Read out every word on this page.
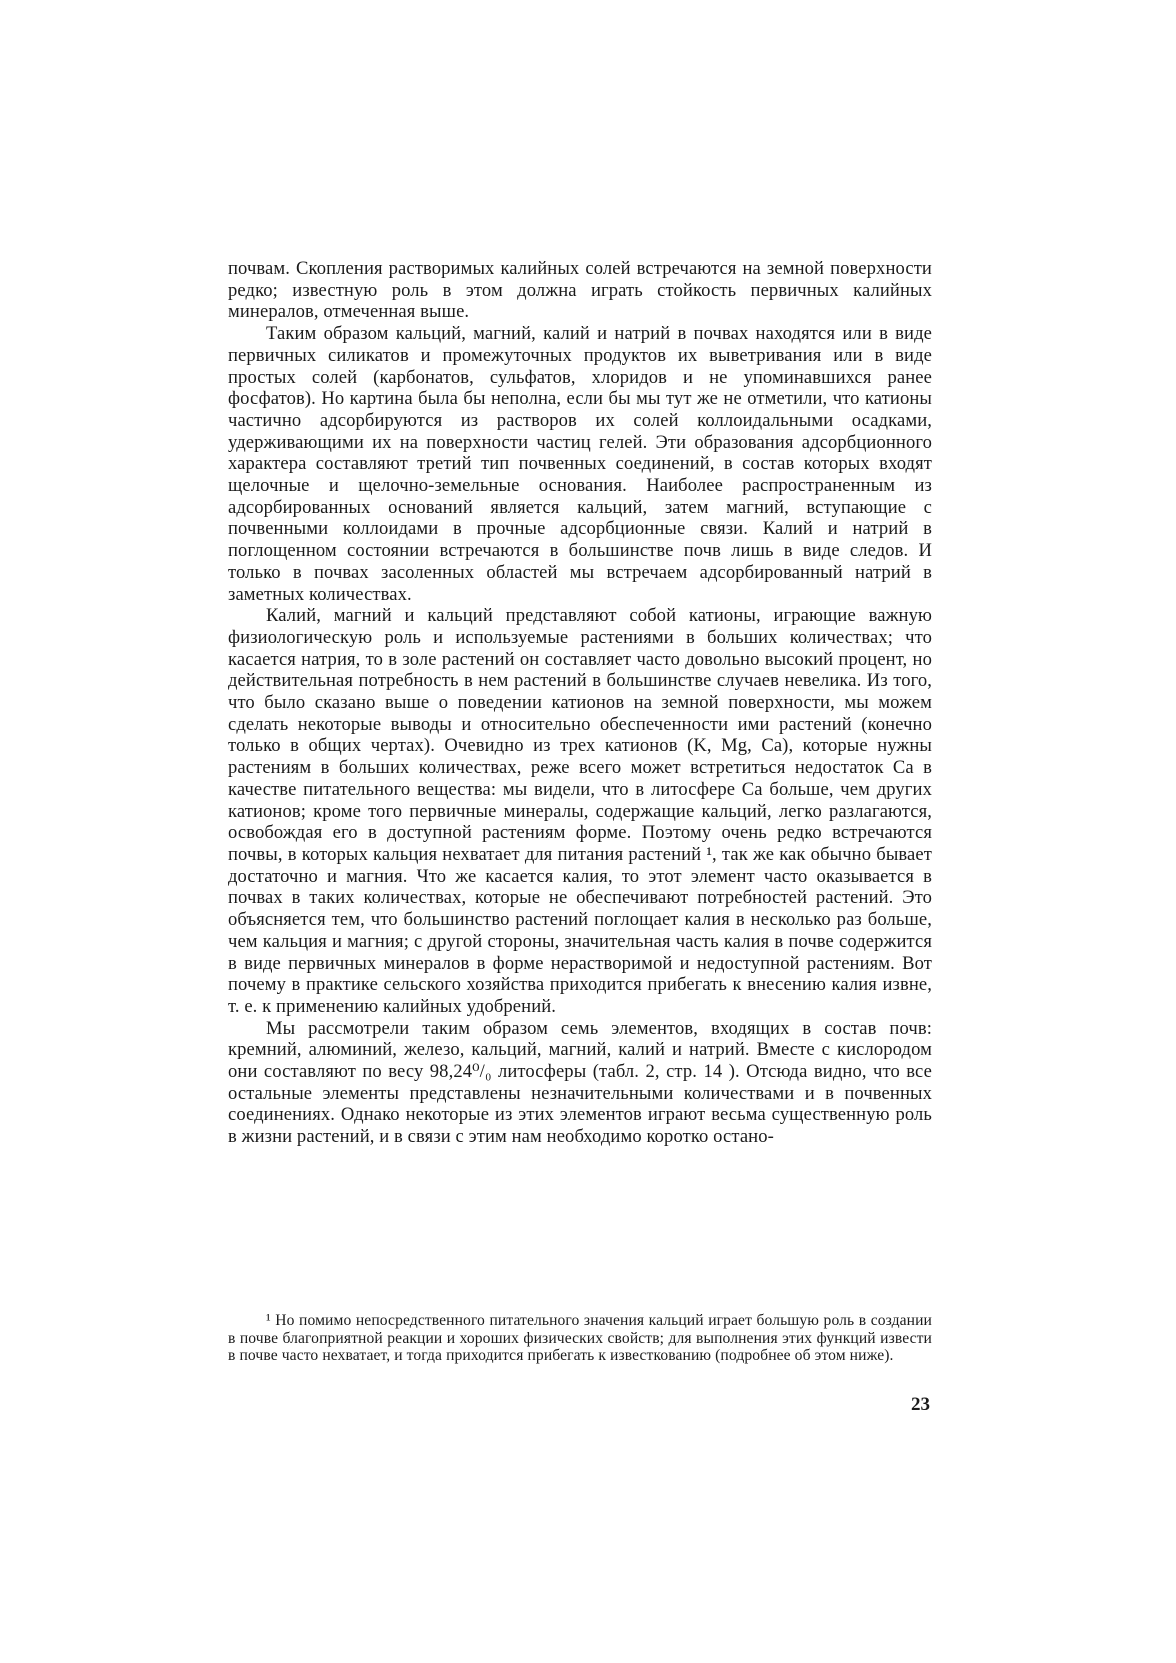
почвам. Скопления растворимых калийных солей встречаются на земной поверхности редко; известную роль в этом должна играть стойкость первичных калийных минералов, отмеченная выше.

Таким образом кальций, магний, калий и натрий в почвах находятся или в виде первичных силикатов и промежуточных продуктов их выветривания или в виде простых солей (карбонатов, сульфатов, хлоридов и не упоминавшихся ранее фосфатов). Но картина была бы неполна, если бы мы тут же не отметили, что катионы частично адсорбируются из растворов их солей коллоидальными осадками, удерживающими их на поверхности частиц гелей. Эти образования адсорбционного характера составляют третий тип почвенных соединений, в состав которых входят щелочные и щелочно-земельные основания. Наиболее распространенным из адсорбированных оснований является кальций, затем магний, вступающие с почвенными коллоидами в прочные адсорбционные связи. Калий и натрий в поглощенном состоянии встречаются в большинстве почв лишь в виде следов. И только в почвах засоленных областей мы встречаем адсорбированный натрий в заметных количествах.

Калий, магний и кальций представляют собой катионы, играющие важную физиологическую роль и используемые растениями в больших количествах; что касается натрия, то в золе растений он составляет часто довольно высокий процент, но действительная потребность в нем растений в большинстве случаев невелика. Из того, что было сказано выше о поведении катионов на земной поверхности, мы можем сделать некоторые выводы и относительно обеспеченности ими растений (конечно только в общих чертах). Очевидно из трех катионов (K, Mg, Ca), которые нужны растениям в больших количествах, реже всего может встретиться недостаток Ca в качестве питательного вещества: мы видели, что в литосфере Ca больше, чем других катионов; кроме того первичные минералы, содержащие кальций, легко разлагаются, освобождая его в доступной растениям форме. Поэтому очень редко встречаются почвы, в которых кальция нехватает для питания растений ¹, так же как обычно бывает достаточно и магния. Что же касается калия, то этот элемент часто оказывается в почвах в таких количествах, которые не обеспечивают потребностей растений. Это объясняется тем, что большинство растений поглощает калия в несколько раз больше, чем кальция и магния; с другой стороны, значительная часть калия в почве содержится в виде первичных минералов в форме нерастворимой и недоступной растениям. Вот почему в практике сельского хозяйства приходится прибегать к внесению калия извне, т. е. к применению калийных удобрений.

Мы рассмотрели таким образом семь элементов, входящих в состав почв: кремний, алюминий, железо, кальций, магний, калий и натрий. Вместе с кислородом они составляют по весу 98,24⁰/₀ литосферы (табл. 2, стр. 14 ). Отсюда видно, что все остальные элементы представлены незначительными количествами и в почвенных соединениях. Однако некоторые из этих элементов играют весьма существенную роль в жизни растений, и в связи с этим нам необходимо коротко остано-

¹ Но помимо непосредственного питательного значения кальций играет большую роль в создании в почве благоприятной реакции и хороших физических свойств; для выполнения этих функций извести в почве часто нехватает, и тогда приходится прибегать к известкованию (подробнее об этом ниже).

23
